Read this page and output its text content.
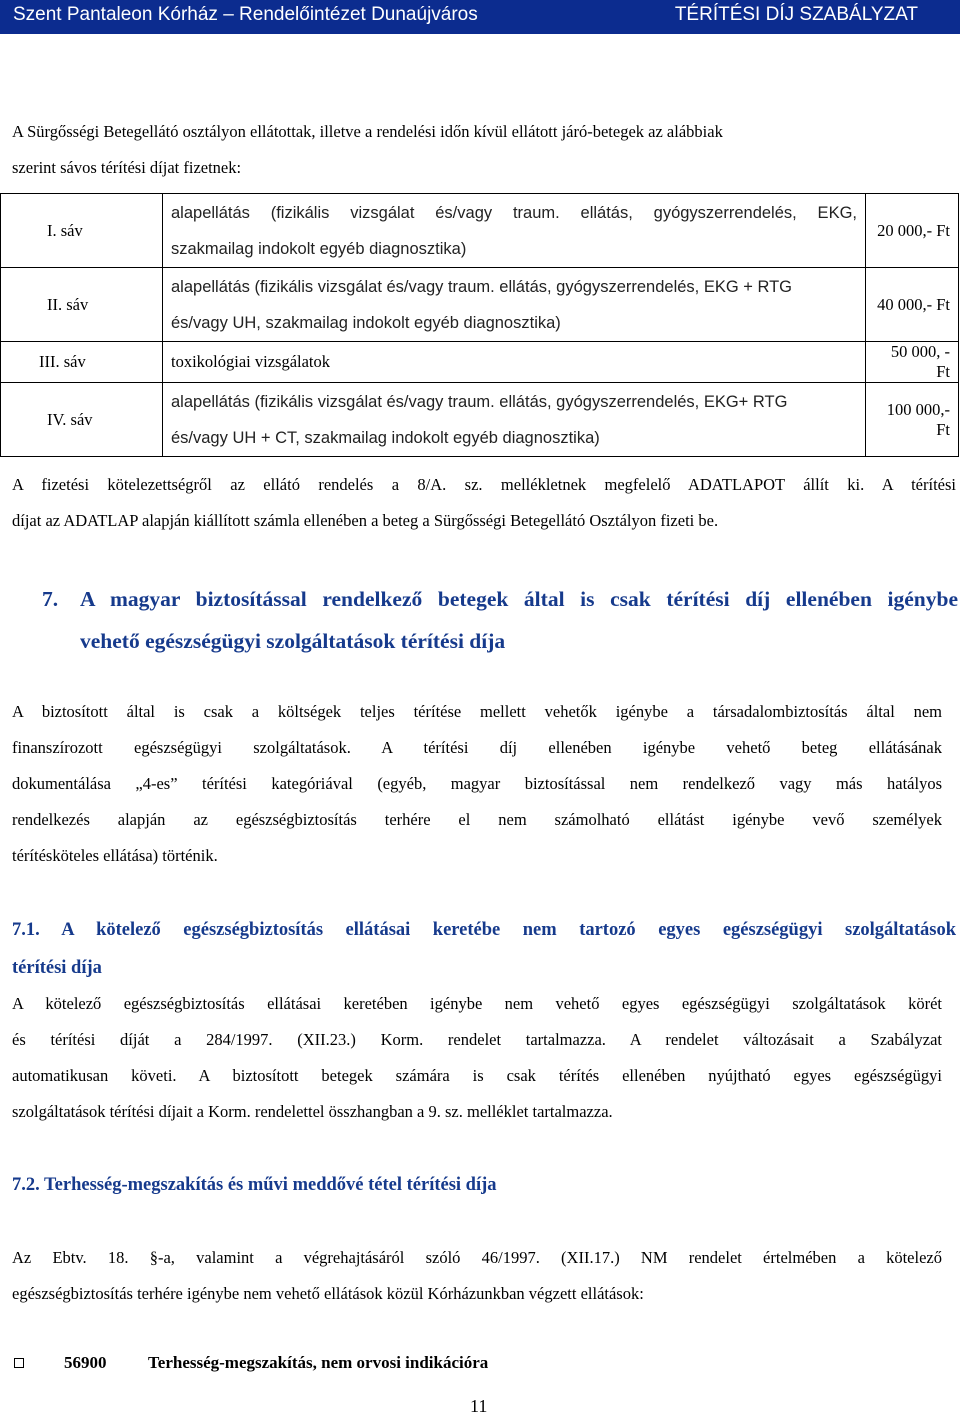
Szent Pantaleon Kórház – Rendelőintézet Dunaújváros	TÉRÍTÉSI DÍJ SZABÁLYZAT
A Sürgősségi Betegellátó osztályon ellátottak, illetve a rendelési időn kívül ellátott járó-betegek az alábbiak
szerint sávos térítési díjat fizetnek:
I. sáv	alapellátás (fizikális vizsgálat és/vagy traum. ellátás, gyógyszerrendelés, EKG,
szakmailag indokolt egyéb diagnosztika)	20 000,- Ft
II. sáv	alapellátás (fizikális vizsgálat és/vagy traum. ellátás, gyógyszerrendelés, EKG + RTG
és/vagy UH, szakmailag indokolt egyéb diagnosztika)	40 000,- Ft
III. sáv	toxikológiai vizsgálatok	50 000, - Ft
IV. sáv	alapellátás (fizikális vizsgálat és/vagy traum. ellátás, gyógyszerrendelés, EKG+ RTG
és/vagy UH + CT, szakmailag indokolt egyéb diagnosztika)	100 000,- Ft
A fizetési kötelezettségről az ellátó rendelés a 8/A. sz. mellékletnek megfelelő ADATLAPOT állít ki. A térítési
díjat az ADATLAP alapján kiállított számla ellenében a beteg a Sürgősségi Betegellátó Osztályon fizeti be.
7. A magyar biztosítással rendelkező betegek által is csak térítési díj ellenében igénybe
vehető egészségügyi szolgáltatások térítési díja
A biztosított által is csak a költségek teljes térítése mellett vehetők igénybe a társadalombiztosítás által nem
finanszírozott egészségügyi szolgáltatások. A térítési díj ellenében igénybe vehető beteg ellátásának
dokumentálása „4-es” térítési kategóriával (egyéb, magyar biztosítással nem rendelkező vagy más hatályos
rendelkezés alapján az egészségbiztosítás terhére el nem számolható ellátást igénybe vevő személyek
térítésköteles ellátása) történik.
7.1. A kötelező egészségbiztosítás ellátásai keretébe nem tartozó egyes egészségügyi szolgáltatások
térítési díja
A kötelező egészségbiztosítás ellátásai keretében igénybe nem vehető egyes egészségügyi szolgáltatások körét
és térítési díját a 284/1997. (XII.23.) Korm. rendelet tartalmazza. A rendelet változásait a Szabályzat
automatikusan követi. A biztosított betegek számára is csak térítés ellenében nyújtható egyes egészségügyi
szolgáltatások térítési díjait a Korm. rendelettel összhangban a 9. sz. melléklet tartalmazza.
7.2. Terhesség-megszakítás és művi meddővé tétel térítési díja
Az Ebtv. 18. §-a, valamint a végrehajtásáról szóló 46/1997. (XII.17.) NM rendelet értelmében a kötelező
egészségbiztosítás terhére igénybe nem vehető ellátások közül Kórházunkban végzett ellátások:
56900 Terhesség-megszakítás, nem orvosi indikációra
11
